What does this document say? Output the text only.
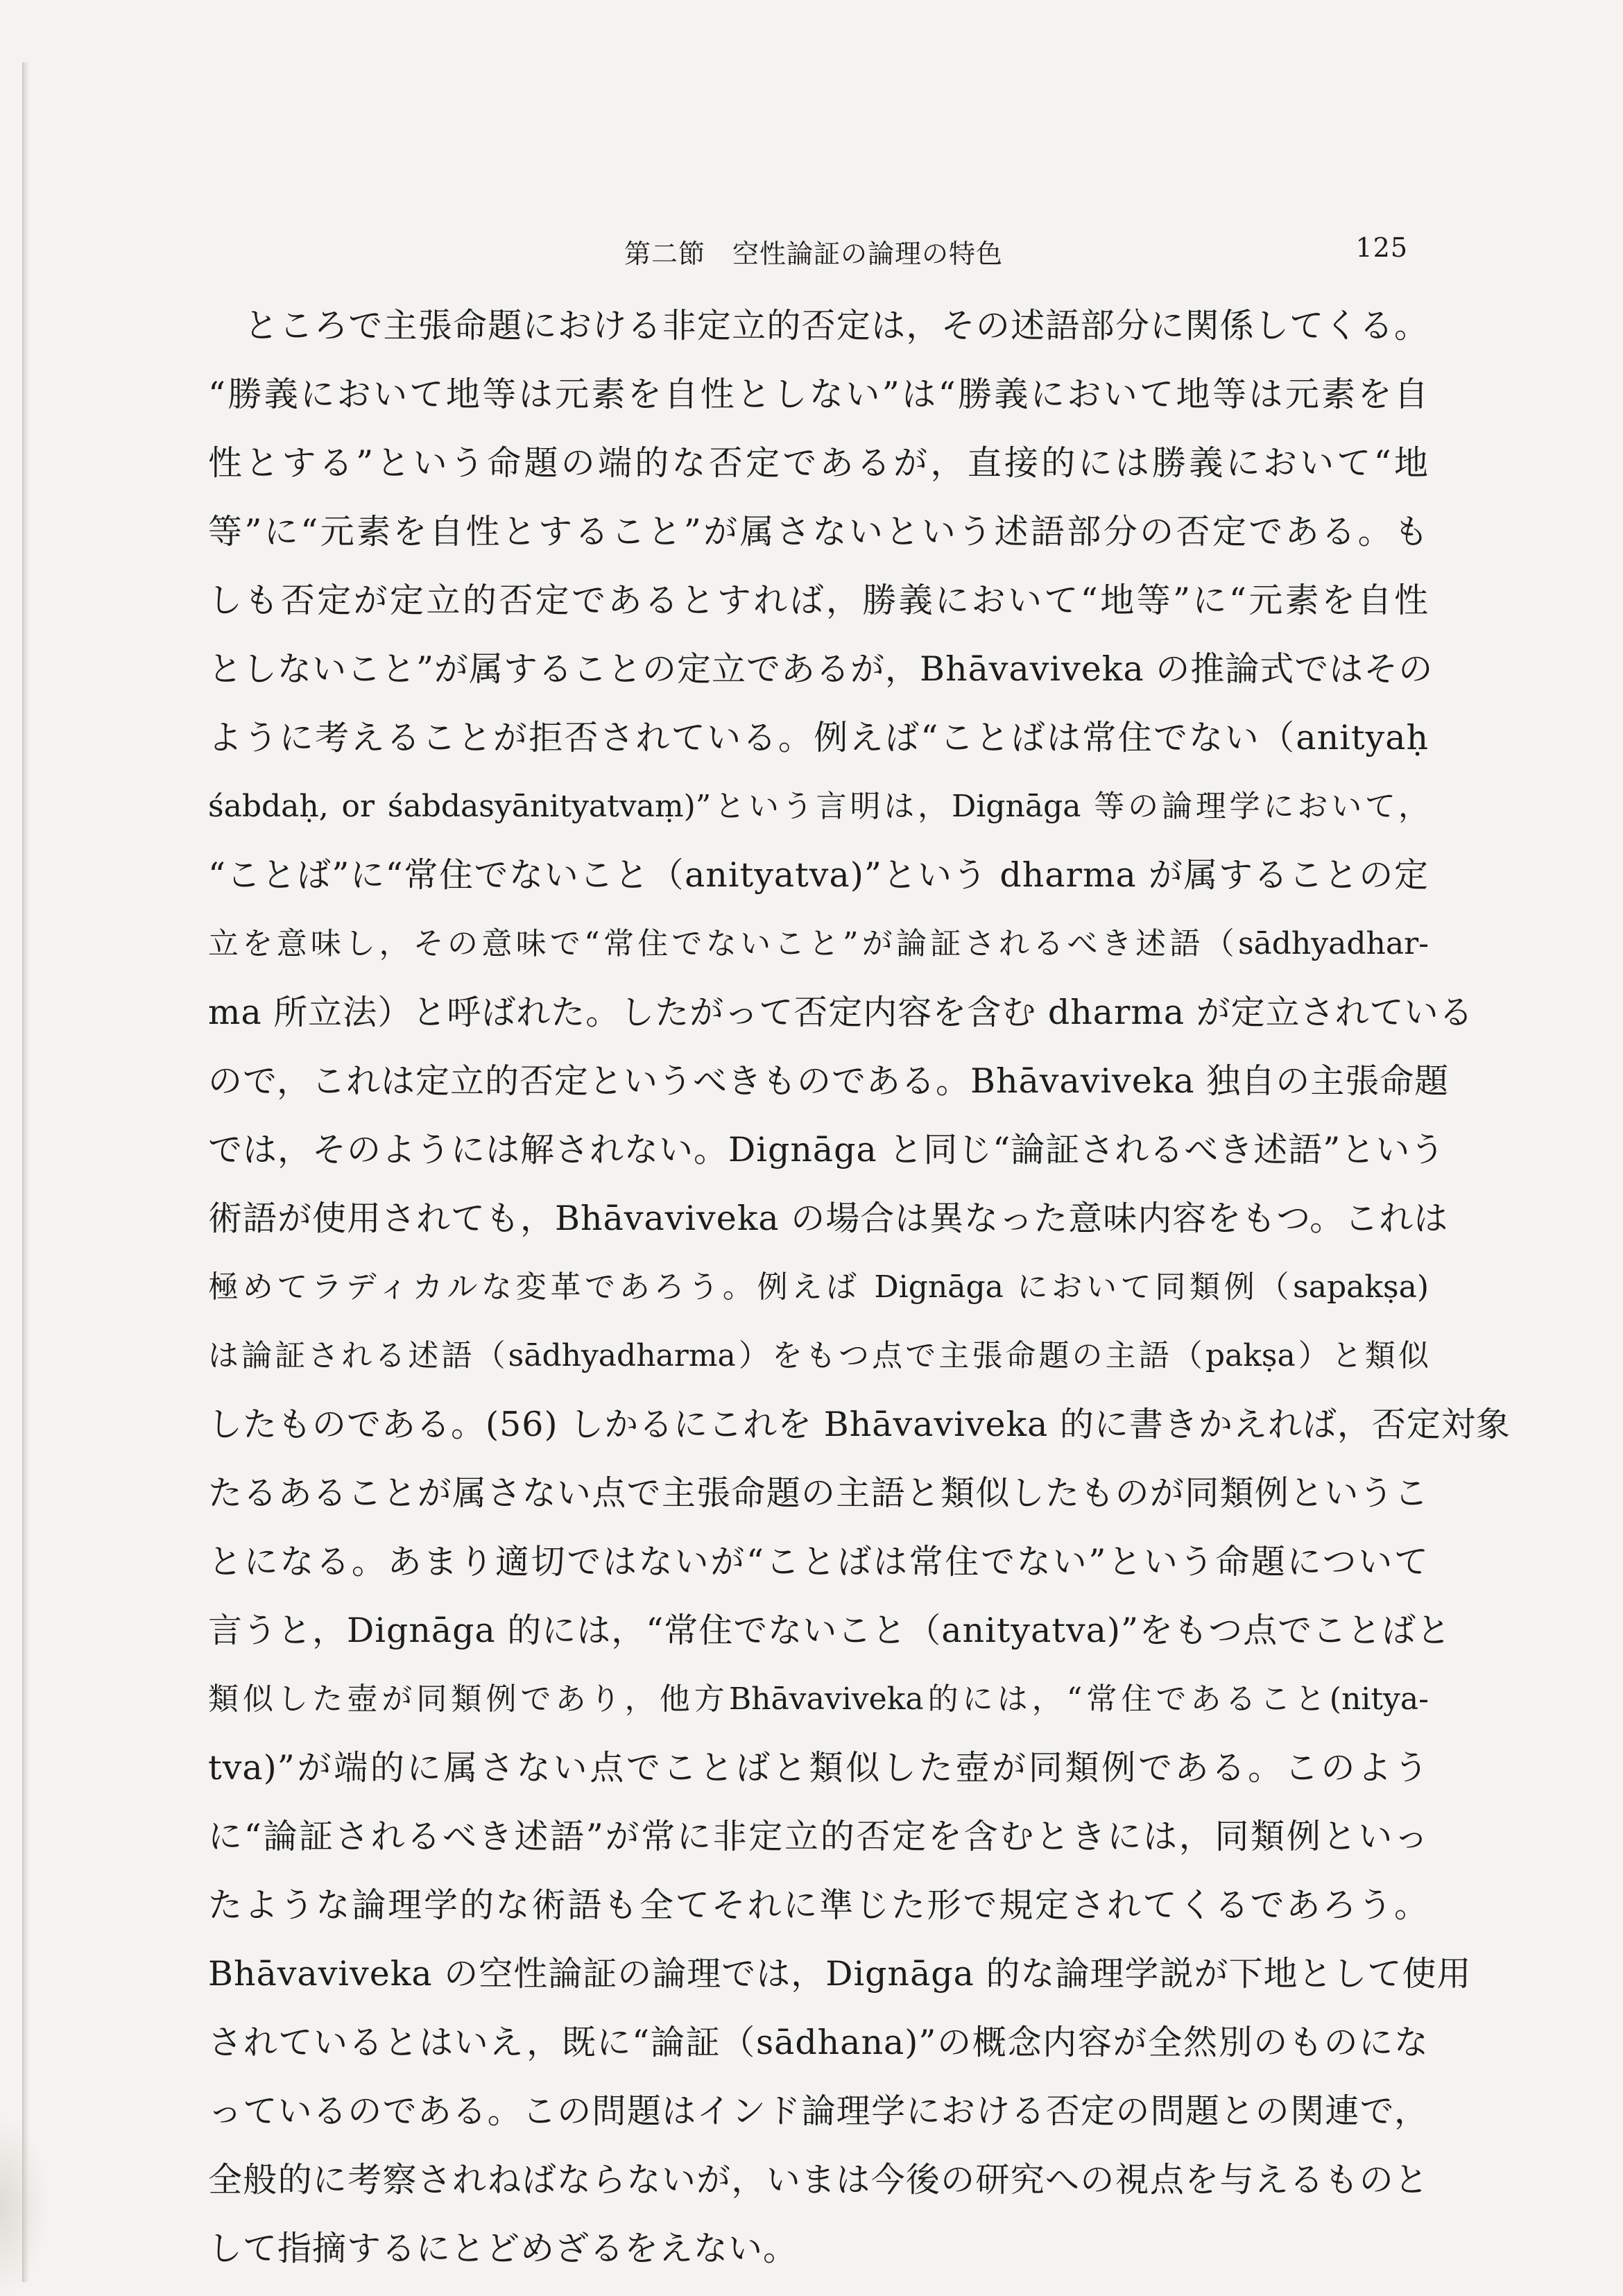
第二節　空性論証の論理の特色	125
ところで主張命題における非定立的否定は，その述語部分に関係してくる。
“勝義において地等は元素を自性としない”は“勝義において地等は元素を自
性とする”という命題の端的な否定であるが，直接的には勝義において“地
等”に“元素を自性とすること”が属さないという述語部分の否定である。も
しも否定が定立的否定であるとすれば，勝義において“地等”に“元素を自性
としないこと”が属することの定立であるが，Bhāvaviveka の推論式ではその
ように考えることが拒否されている。例えば“ことばは常住でない（anityaḥ
śabdaḥ, or śabdasyānityatvaṃ)”という言明は，Dignāga 等の論理学において，
“ことば”に“常住でないこと（anityatva)”という dharma が属することの定
立を意味し，その意味で“常住でないこと”が論証されるべき述語（sādhyadhar-
ma 所立法）と呼ばれた。したがって否定内容を含む dharma が定立されている
ので，これは定立的否定というべきものである。Bhāvaviveka 独自の主張命題
では，そのようには解されない。Dignāga と同じ“論証されるべき述語”という
術語が使用されても，Bhāvaviveka の場合は異なった意味内容をもつ。これは
極めてラディカルな変革であろう。例えば Dignāga において同類例（sapakṣa)
は論証される述語（sādhyadharma）をもつ点で主張命題の主語（pakṣa）と類似
したものである。(56) しかるにこれを Bhāvaviveka 的に書きかえれば，否定対象
たるあることが属さない点で主張命題の主語と類似したものが同類例というこ
とになる。あまり適切ではないが“ことばは常住でない”という命題について
言うと，Dignāga 的には，“常住でないこと（anityatva)”をもつ点でことばと
類似した壺が同類例であり，他方Bhāvaviveka的には，“常住であること(nitya-
tva)”が端的に属さない点でことばと類似した壺が同類例である。このよう
に“論証されるべき述語”が常に非定立的否定を含むときには，同類例といっ
たような論理学的な術語も全てそれに準じた形で規定されてくるであろう。
Bhāvaviveka の空性論証の論理では，Dignāga 的な論理学説が下地として使用
されているとはいえ，既に“論証（sādhana)”の概念内容が全然別のものにな
っているのである。この問題はインド論理学における否定の問題との関連で，
全般的に考察されねばならないが，いまは今後の研究への視点を与えるものと
して指摘するにとどめざるをえない。
